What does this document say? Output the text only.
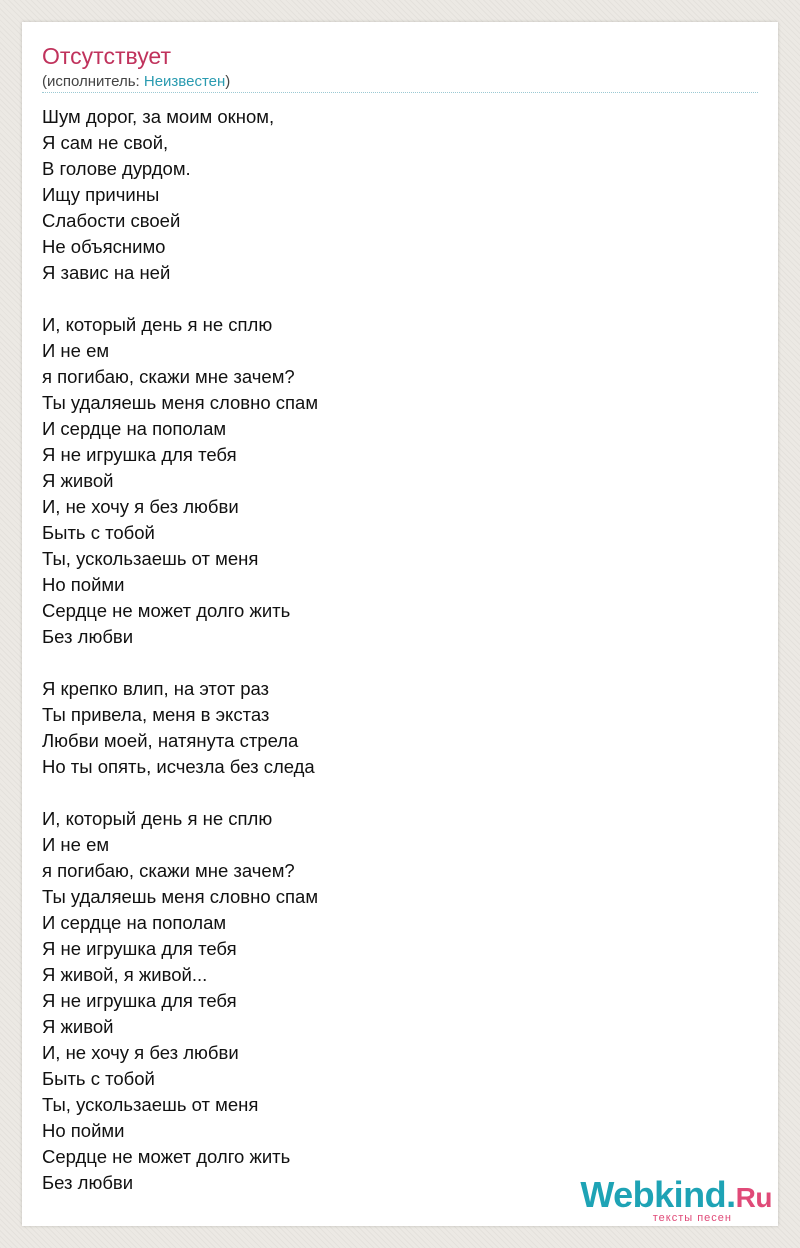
Отсутствует
(исполнитель: Неизвестен)
Шум дорог, за моим окном,
Я сам не свой,
В голове дурдом.
Ищу причины
Слабости своей
Не объяснимо
Я завис на ней
И, который день я не сплю
И не ем
я погибаю, скажи мне зачем?
Ты удаляешь меня словно спам
И сердце на пополам
Я не игрушка для тебя
Я живой
И, не хочу я без любви
Быть с тобой
Ты, ускользаешь от меня
Но пойми
Сердце не может долго жить
Без любви
Я крепко влип, на этот раз
Ты привела, меня в экстаз
Любви моей, натянута стрела
Но ты опять, исчезла без следа
И, который день я не сплю
И не ем
я погибаю, скажи мне зачем?
Ты удаляешь меня словно спам
И сердце на пополам
Я не игрушка для тебя
Я живой, я живой...
Я не игрушка для тебя
Я живой
И, не хочу я без любви
Быть с тобой
Ты, ускользаешь от меня
Но пойми
Сердце не может долго жить
Без любви	Webkind.Ru
тексты песен
